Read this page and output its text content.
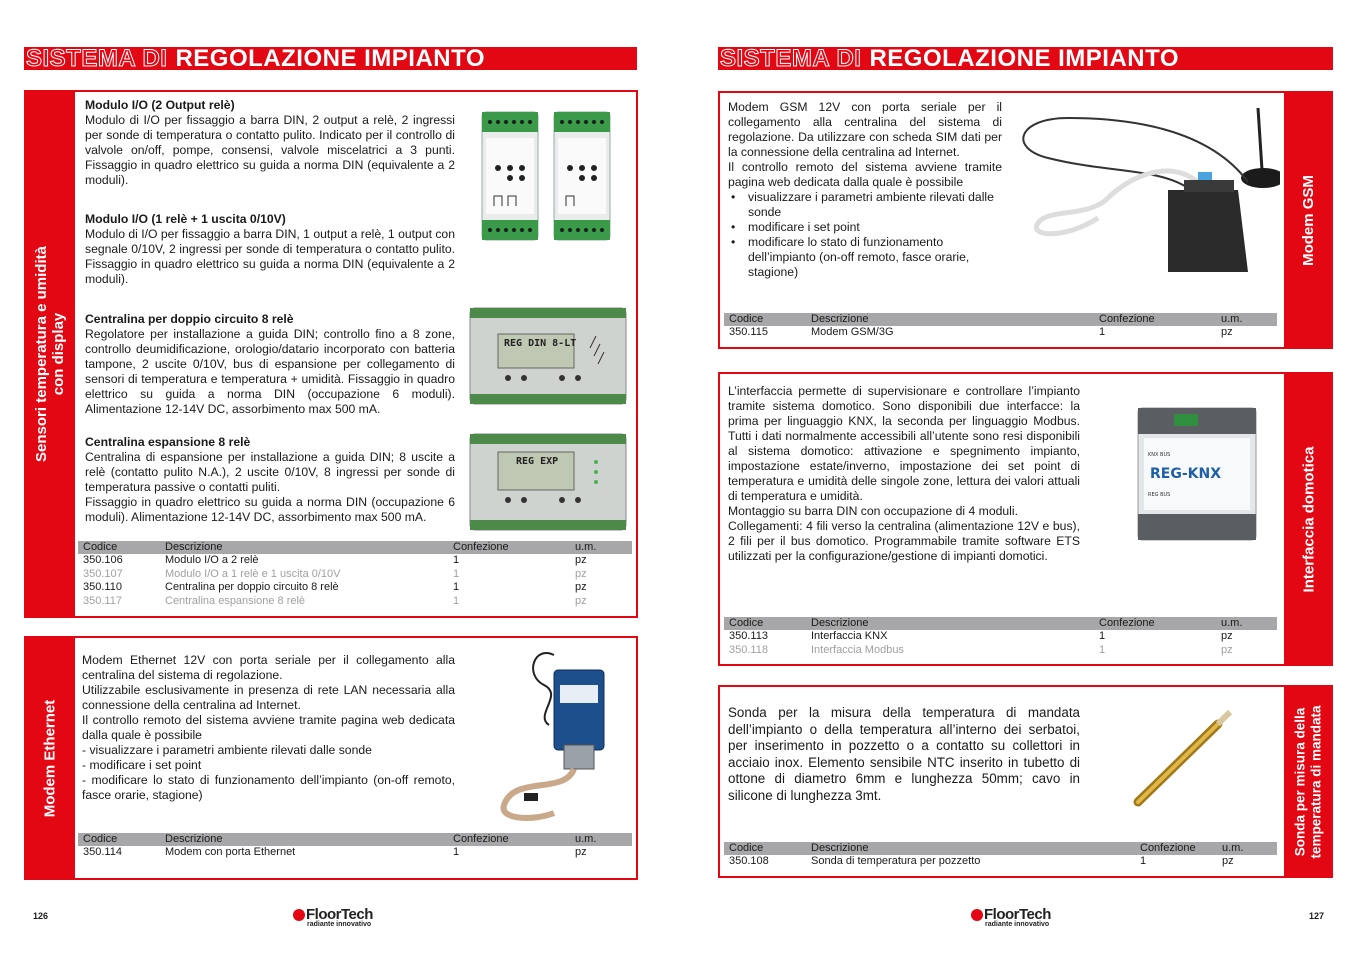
SISTEMA DI REGOLAZIONE IMPIANTO
Sensori temperatura e umidità
con display
Modulo I/O (2 Output relè)

Modulo di I/O per fissaggio a barra DIN, 2 output a relè, 2 ingressi per sonde di temperatura o contatto pulito. Indicato per il controllo di valvole on/off, pompe, consensi, valvole miscelatrici a 3 punti. Fissaggio in quadro elettrico su guida a norma DIN (equivalente a 2 moduli).

Modulo I/O (1 relè + 1 uscita 0/10V)

Modulo di I/O per fissaggio a barra DIN, 1 output a relè, 1 output con segnale 0/10V, 2 ingressi per sonde di temperatura o contatto pulito. Fissaggio in quadro elettrico su guida a norma DIN (equivalente a 2 moduli).

Centralina per doppio circuito 8 relè

Regolatore per installazione a guida DIN; controllo fino a 8 zone, controllo deumidificazione, orologio/datario incorporato con batteria tampone, 2 uscite 0/10V, bus di espansione per collegamento di sensori di temperatura e temperatura + umidità. Fissaggio in quadro elettrico su guida a norma DIN (occupazione 6 moduli). Alimentazione 12-14V DC, assorbimento max 500 mA.

Centralina espansione 8 relè

Centralina di espansione per installazione a guida DIN; 8 uscite a relè (contatto pulito N.A.), 2 uscite 0/10V, 8 ingressi per sonde di temperatura passive o contatti puliti.

Fissaggio in quadro elettrico su guida a norma DIN (occupazione 6 moduli). Alimentazione 12-14V DC, assorbimento max 500 mA.

REG DIN 8-LT
REG EXP
Codice	Descrizione	Confezione	u.m.
350.106	Modulo I/O a 2 relè	1	pz
350.107	Modulo I/O a 1 relè e 1 uscita 0/10V	1	pz
350.110	Centralina per doppio circuito 8 relè	1	pz
350.117	Centralina espansione 8 relè	1	pz
Modem Ethernet

Modem Ethernet 12V con porta seriale per il collegamento alla centralina del sistema di regolazione.

Utilizzabile esclusivamente in presenza di rete LAN necessaria alla connessione della centralina ad Internet.

Il controllo remoto del sistema avviene tramite pagina web dedicata dalla quale è possibile

- visualizzare i parametri ambiente rilevati dalle sonde

- modificare i set point

- modificare lo stato di funzionamento dell’impianto (on-off remoto, fasce orarie, stagione)

Codice	Descrizione	Confezione	u.m.
350.114	Modem con porta Ethernet	1	pz
126	FloorTech
radiante innovativo
SISTEMA DI REGOLAZIONE IMPIANTO
Modem GSM

Modem GSM 12V con porta seriale per il collegamento alla centralina del sistema di regolazione. Da utilizzare con scheda SIM dati per la connessione della centralina ad Internet.

Il controllo remoto del sistema avviene tramite pagina web dedicata dalla quale è possibile

• visualizzare i parametri ambiente rilevati dalle sonde
• modificare i set point
• modificare lo stato di funzionamento dell’impianto (on-off remoto, fasce orarie, stagione)
Codice	Descrizione	Confezione	u.m.
350.115	Modem GSM/3G	1	pz
Interfaccia domotica

L’interfaccia permette di supervisionare e controllare l’impianto tramite sistema domotico. Sono disponibili due interfacce: la prima per linguaggio KNX, la seconda per linguaggio Modbus. Tutti i dati normalmente accessibili all’utente sono resi disponibili al sistema domotico: attivazione e spegnimento impianto, impostazione estate/inverno, impostazione dei set point di temperatura e umidità delle singole zone, lettura dei valori attuali di temperatura e umidità.

Montaggio su barra DIN con occupazione di 4 moduli.

Collegamenti: 4 fili verso la centralina (alimentazione 12V e bus), 2 fili per il bus domotico. Programmabile tramite software ETS utilizzati per la configurazione/gestione di impianti domotici.

KNX BUS
REG-KNX
REG BUS
Codice	Descrizione	Confezione	u.m.
350.113	Interfaccia KNX	1	pz
350.118	Interfaccia Modbus	1	pz
Sonda per misura della
temperatura di mandata

Sonda per la misura della temperatura di mandata dell’impianto o della temperatura all’interno dei serbatoi, per inserimento in pozzetto o a contatto su collettori in acciaio inox. Elemento sensibile NTC inserito in tubetto di ottone di diametro 6mm e lunghezza 50mm; cavo in silicone di lunghezza 3mt.

Codice	Descrizione	Confezione	u.m.
350.108	Sonda di temperatura per pozzetto	1	pz
FloorTech
radiante innovativo
127
